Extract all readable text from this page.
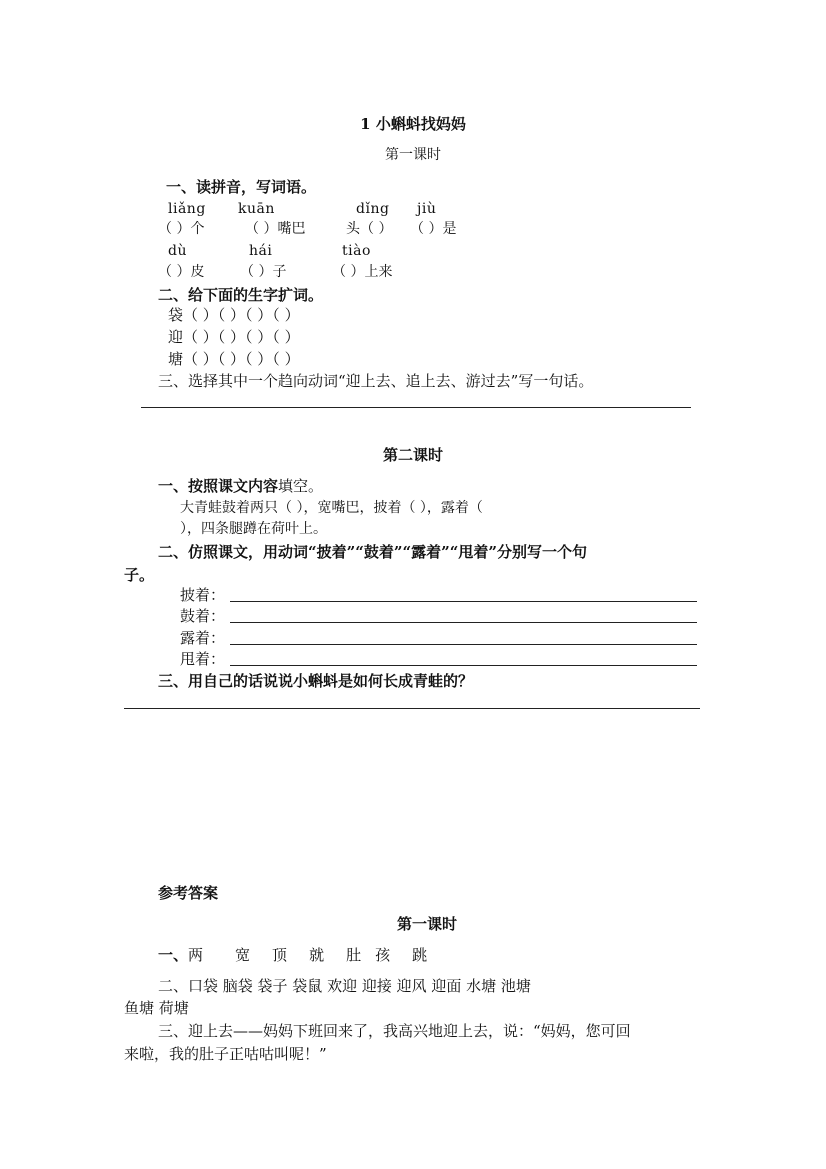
1 小蝌蚪找妈妈
第一课时
一、读拼音，写词语。
liǎng kuān	dǐng jiù
（ ）个	（ ）嘴巴	头（ ） （ ）是
dù	hái	tiào
（ ）皮	（ ）子	（ ）上来
二、给下面的生字扩词。
袋（ ）（ ）（ ）（ ）
迎（ ）（ ）（ ）（ ）
塘（ ）（ ）（ ）（ ）
三、选择其中一个趋向动词“迎上去、追上去、游过去”写一句话。
第二课时
一、按照课文内容填空。
大青蛙鼓着两只（ ），宽嘴巴，披着（ ），露着（
），四条腿蹲在荷叶上。
二、仿照课文，用动词“披着”“鼓着”“露着”“甩着”分别写一个句
子。
披着：
鼓着：
露着：
甩着：
三、用自己的话说说小蝌蚪是如何长成青蛙的？
参考答案
第一课时
一、两 宽 顶 就 肚 孩 跳
二、口袋 脑袋 袋子 袋鼠 欢迎 迎接 迎风 迎面 水塘 池塘
鱼塘 荷塘
三、迎上去——妈妈下班回来了，我高兴地迎上去，说：“妈妈，您可回
来啦，我的肚子正咕咕叫呢！”
